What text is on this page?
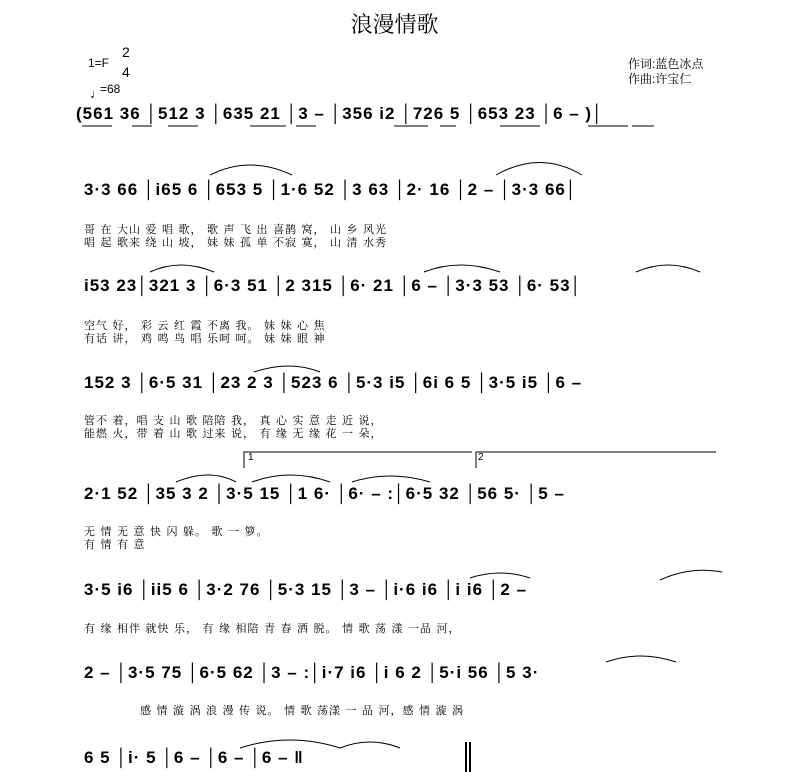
浪漫情歌
作词:蓝色冰点
作曲:许宝仁
1=F
2
4
♩
=68
1	2
(561 36 │512 3 │635 21 │3 – │356 i2 │726 5 │653 23 │6 – )│
3·3 66 │i65 6 │653 5 │1·6 52 │3 63 │2· 16 │2 – │3·3 66│
哥 在 大山 爱 唱 歌， 歌 声 飞 出 喜鹊 窝， 山 乡 风光
唱 起 歌来 绕 山 坡， 妹 妹 孤 单 不寂 寞， 山 清 水秀
i53 23│321 3 │6·3 51 │2 315 │6· 21 │6 – │3·3 53 │6· 53│
空气 好， 彩 云 红 霞 不离 我。 妹 妹 心 焦
有话 讲， 鸡 鸣 鸟 唱 乐呵 呵。 妹 妹 眼 神
152 3 │6·5 31 │23 2 3 │523 6 │5·3 i5 │6i 6 5 │3·5 i5 │6 –
管不 着，唱 支 山 歌 陪陪 我， 真 心 实 意 走 近 说，
能燃 火，带 着 山 歌 过来 说， 有 缘 无 缘 花 一 朵，
2·1 52 │35 3 2 │3·5 15 │1 6· │6· – :│6·5 32 │56 5· │5 –
无 情 无 意 快 闪 躲。 歌 一 箩。
有 情 有 意
3·5 i6 │ii5 6 │3·2 76 │5·3 15 │3 – │i·6 i6 │i i6 │2 –
有 缘 相伴 就快 乐， 有 缘 相陪 青 春 洒 脱。 情 歌 荡 漾 一品 河，
2 – │3·5 75 │6·5 62 │3 – :│i·7 i6 │i 6 2 │5·i 56 │5 3·
感 情 漩 涡 浪 漫 传 说。 情 歌 荡漾 一 品 河，感 情 漩 涡
6 5 │i· 5 │6 – │6 – │6 – ‖
